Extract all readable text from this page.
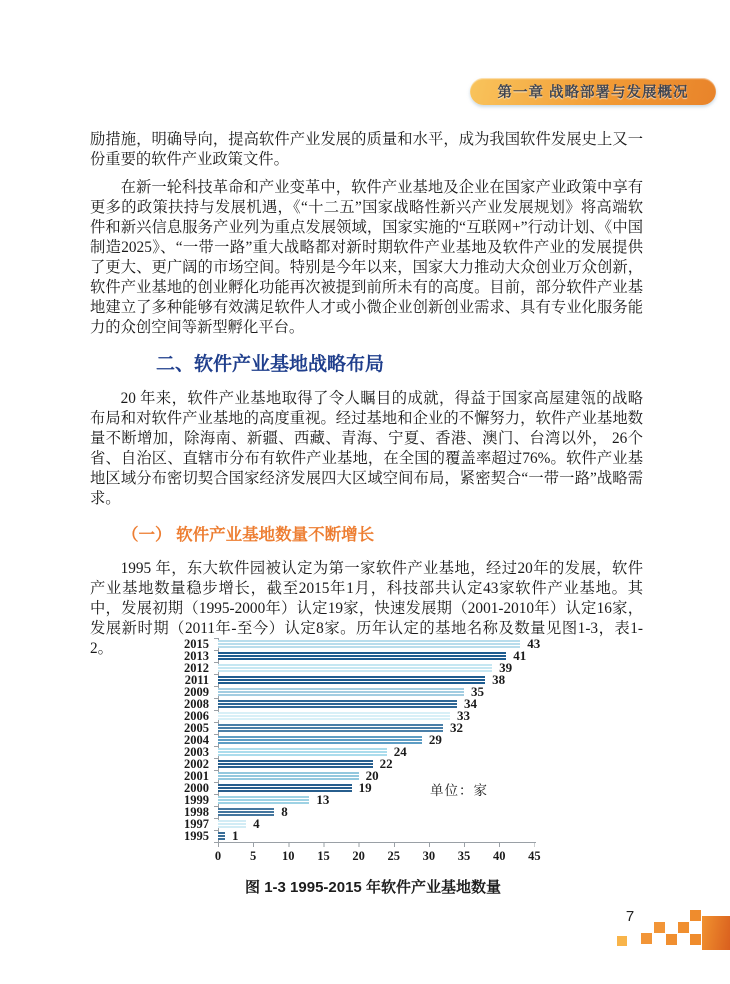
第一章 战略部署与发展概况

励措施，明确导向，提高软件产业发展的质量和水平，成为我国软件发展史上又一份重要的软件产业政策文件。

在新一轮科技革命和产业变革中，软件产业基地及企业在国家产业政策中享有更多的政策扶持与发展机遇，《“十二五”国家战略性新兴产业发展规划》将高端软件和新兴信息服务产业列为重点发展领域，国家实施的“互联网+”行动计划、《中国制造2025》、“一带一路”重大战略都对新时期软件产业基地及软件产业的发展提供了更大、更广阔的市场空间。特别是今年以来，国家大力推动大众创业万众创新，软件产业基地的创业孵化功能再次被提到前所未有的高度。目前，部分软件产业基地建立了多种能够有效满足软件人才或小微企业创新创业需求、具有专业化服务能力的众创空间等新型孵化平台。

二、软件产业基地战略布局

20 年来，软件产业基地取得了令人瞩目的成就，得益于国家高屋建瓴的战略布局和对软件产业基地的高度重视。经过基地和企业的不懈努力，软件产业基地数量不断增加，除海南、新疆、西藏、青海、宁夏、香港、澳门、台湾以外， 26个省、自治区、直辖市分布有软件产业基地，在全国的覆盖率超过76%。软件产业基地区域分布密切契合国家经济发展四大区域空间布局，紧密契合“一带一路”战略需求。

（一） 软件产业基地数量不断增长

1995 年，东大软件园被认定为第一家软件产业基地，经过20年的发展，软件产业基地数量稳步增长，截至2015年1月，科技部共认定43家软件产业基地。其中，发展初期（1995-2000年）认定19家，快速发展期（2001-2010年）认定16家，发展新时期（2011年-至今）认定8家。历年认定的基地名称及数量见图1-3，表1-2。	2015	43
2013	41
2012	39
2011	38
2009	35
2008	34
2006	33
2005	32
2004	29
2003	24
2002	22
2001	20
2000	19
1999	13
1998	8
1997	4
1995	1
0 5 10 15 20 25 30 35 40 45
单位：家
图 1-3 1995-2015 年软件产业基地数量
7
